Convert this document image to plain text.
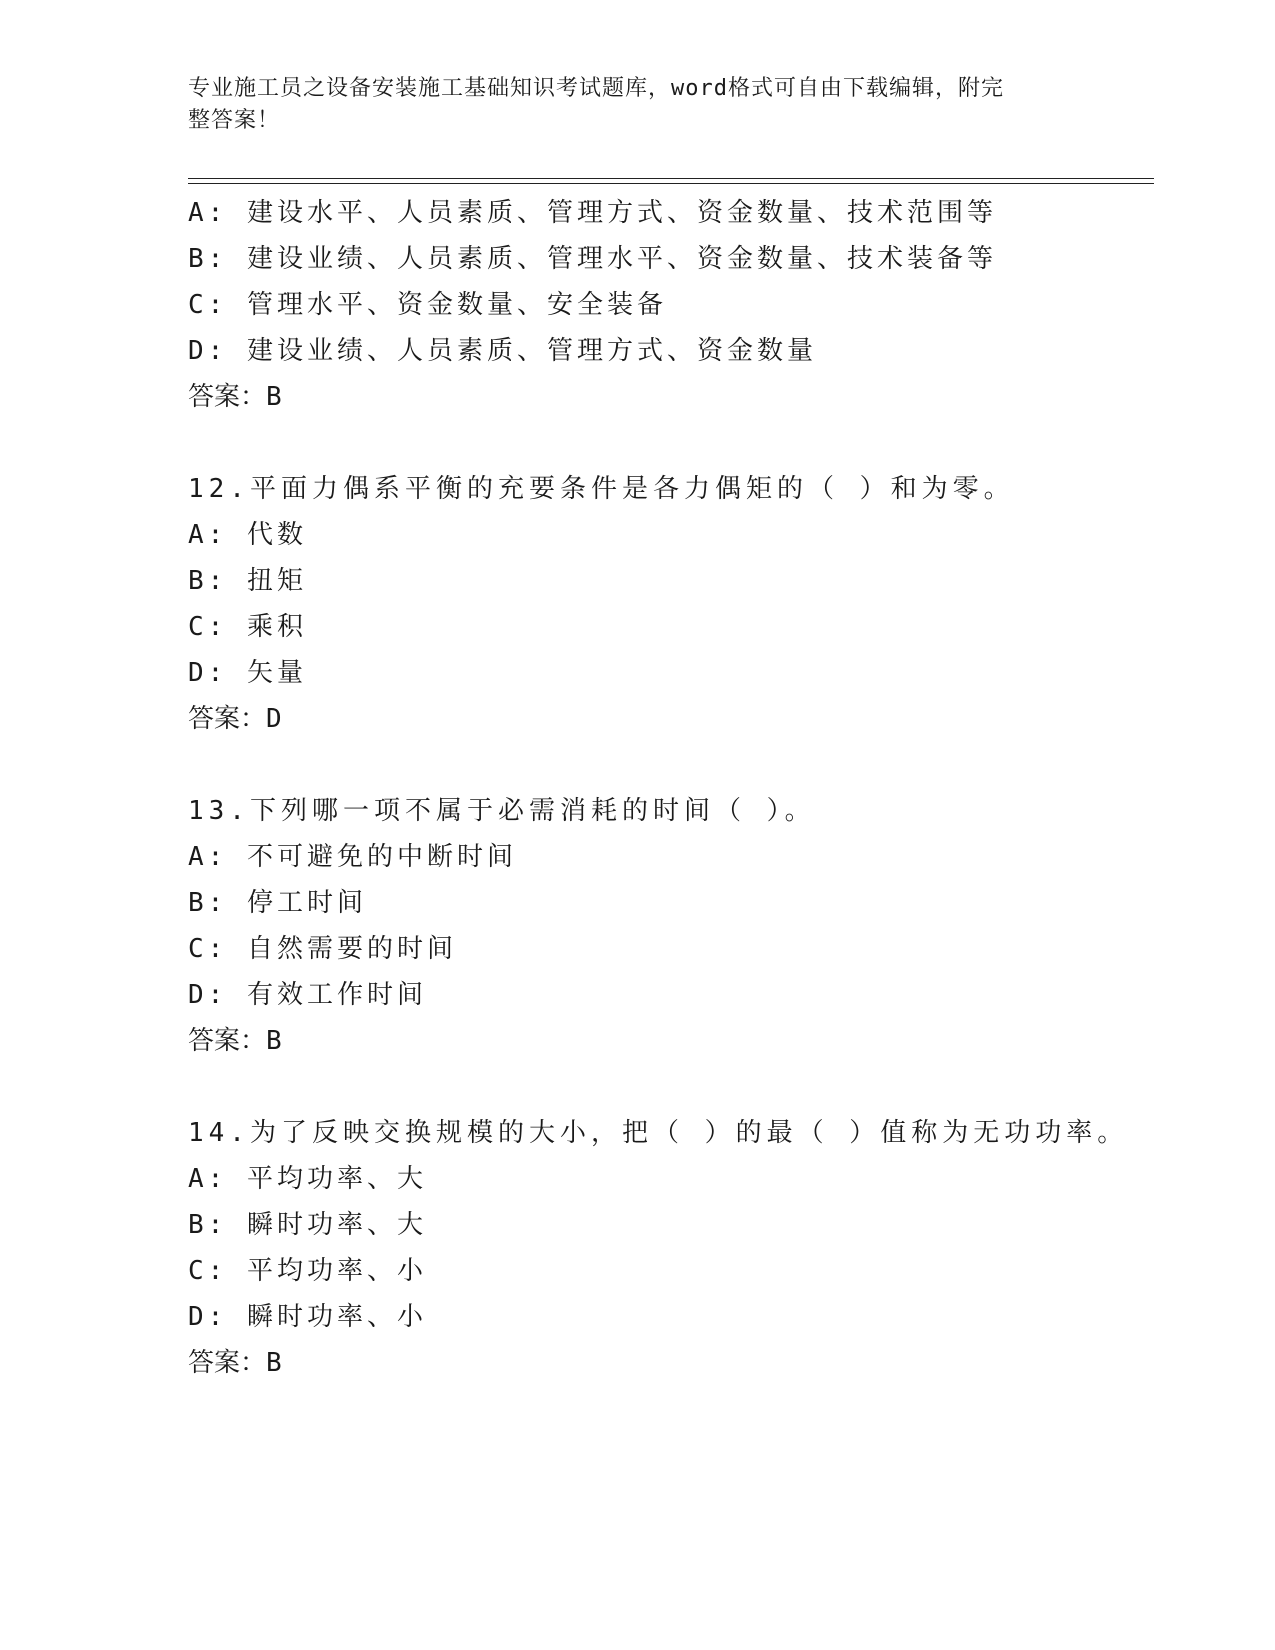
专业施工员之设备安装施工基础知识考试题库，word格式可自由下载编辑，附完
整答案！
A: 建设水平、人员素质、管理方式、资金数量、技术范围等
B: 建设业绩、人员素质、管理水平、资金数量、技术装备等
C: 管理水平、资金数量、安全装备
D: 建设业绩、人员素质、管理方式、资金数量
答案：B
12.平面力偶系平衡的充要条件是各力偶矩的（ ）和为零。
A: 代数
B: 扭矩
C: 乘积
D: 矢量
答案：D
13.下列哪一项不属于必需消耗的时间（ ）。
A: 不可避免的中断时间
B: 停工时间
C: 自然需要的时间
D: 有效工作时间
答案：B
14.为了反映交换规模的大小，把（ ）的最（ ）值称为无功功率。
A: 平均功率、大
B: 瞬时功率、大
C: 平均功率、小
D: 瞬时功率、小
答案：B
